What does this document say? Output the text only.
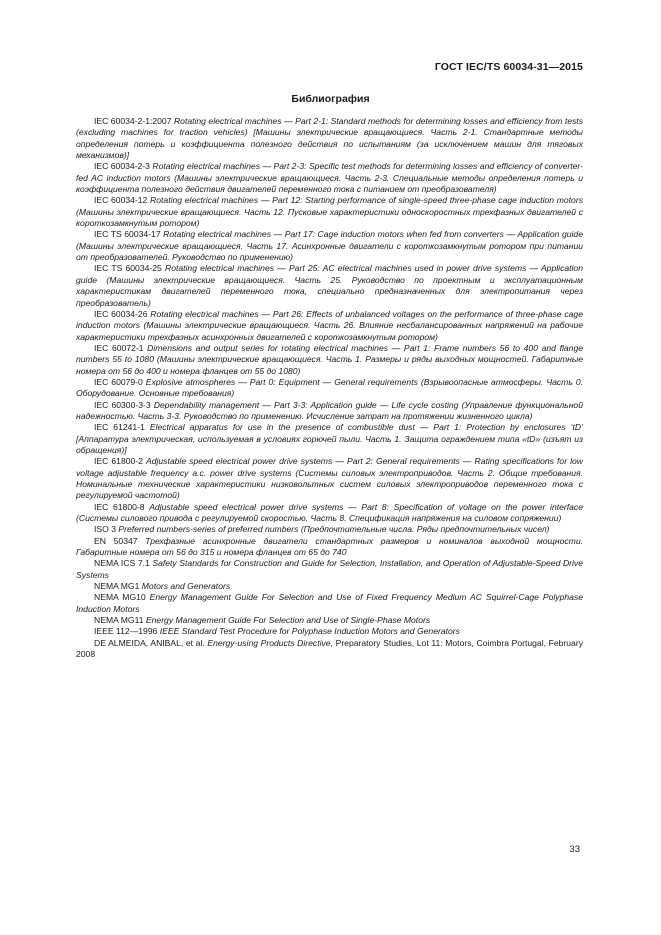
ГОСТ IEC/TS 60034-31—2015
Библиография

IEC 60034-2-1:2007 Rotating electrical machines — Part 2-1: Standard methods for determining losses and efficiency from tests (excluding machines for traction vehicles) [Машины электрические вращающиеся. Часть 2-1. Стандартные методы определения потерь и коэффициента полезного действия по испытаниям (за исключением машин для тяговых механизмов)]

IEC 60034-2-3 Rotating electrical machines — Part 2-3: Specific test methods for determining losses and efficiency of converter-fed AC induction motors (Машины электрические вращающиеся. Часть 2-3. Специальные методы определения потерь и коэффициента полезного действия двигателей переменного тока с питанием от преобразователя)

IEC 60034-12 Rotating electrical machines — Part 12: Starting performance of single-speed three-phase cage induction motors (Машины электрические вращающиеся. Часть 12. Пусковые характеристики односкоростных трехфазных двигателей с короткозамкнутым ротором)

IEC TS 60034-17 Rotating electrical machines — Part 17: Cage induction motors when fed from converters — Application guide (Машины электрические вращающиеся. Часть 17. Асинхронные двигатели с короткозамкнутым ротором при питании от преобразователей. Руководство по применению)

IEC TS 60034-25 Rotating electrical machines — Part 25: AC electrical machines used in power drive systems — Application guide (Машины электрические вращающиеся. Часть 25. Руководство по проектным и эксплуатационным характеристикам двигателей переменного тока, специально предназначенных для электропитания через преобразователь)

IEC 60034-26 Rotating electrical machines — Part 26: Effects of unbalanced voltages on the performance of three-phase cage induction motors (Машины электрические вращающиеся. Часть 26. Влияние несбалансированных напряжений на рабочие характеристики трехфазных асинхронных двигателей с короткозамкнутым ротором)

IEC 60072-1 Dimensions and output series for rotating electrical machines — Part 1: Frame numbers 56 to 400 and flange numbers 55 to 1080 (Машины электрические вращающиеся. Часть 1. Размеры и ряды выходных мощностей. Габаритные номера от 56 до 400 и номера фланцев от 55 до 1080)

IEC 60079-0 Explosive atmospheres — Part 0: Equipment — General requirements (Взрывоопасные атмосферы. Часть 0. Оборудование. Основные требования)

IEC 60300-3-3 Dependability management — Part 3-3: Application guide — Life cycle costing (Управление функциональной надежностью. Часть 3-3. Руководство по применению. Исчисление затрат на протяжении жизненного цикла)

IEC 61241-1 Electrical apparatus for use in the presence of combustible dust — Part 1: Protection by enclosures ‘tD’ [Аппаратура электрическая, используемая в условиях горючей пыли. Часть 1. Защита ограждением типа «tD» (изъят из обращения)]

IEC 61800-2 Adjustable speed electrical power drive systems — Part 2: General requirements — Rating specifications for low voltage adjustable frequency a.c. power drive systems (Системы силовых электроприводов. Часть 2. Общие требования. Номинальные технические характеристики низковольтных систем силовых электроприводов переменного тока с регулируемой частотой)

IEC 61800-8 Adjustable speed electrical power drive systems — Part 8: Specification of voltage on the power interface (Системы силового привода с регулируемой скоростью. Часть 8. Спецификация напряжения на силовом сопряжении)

ISO 3 Preferred numbers-series of preferred numbers (Предпочтительные числа. Ряды предпочтительных чисел)

EN 50347 Трехфазные асинхронные двигатели стандартных размеров и номиналов выходной мощности. Габаритные номера от 56 до 315 и номера фланцев от 65 до 740

NEMA ICS 7.1 Safety Standards for Construction and Guide for Selection, Installation, and Operation of Adjustable-Speed Drive Systems

NEMA MG1 Motors and Generators

NEMA MG10 Energy Management Guide For Selection and Use of Fixed Frequency Medium AC Squirrel-Cage Polyphase Induction Motors

NEMA MG11 Energy Management Guide For Selection and Use of Single-Phase Motors

IEEE 112—1996 IEEE Standard Test Procedure for Polyphase Induction Motors and Generators

DE ALMEIDA, ANIBAL, et al. Energy-using Products Directive, Preparatory Studies, Lot 11: Motors, Coimbra Portugal, February 2008

33
